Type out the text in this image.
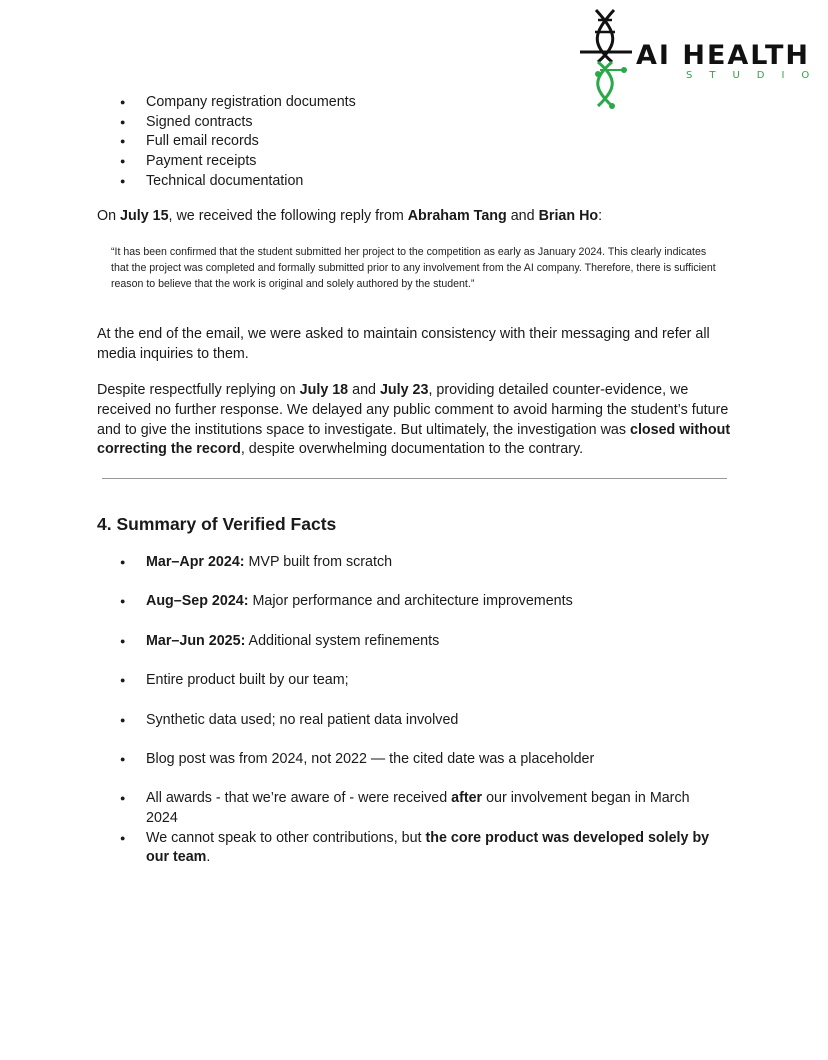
AI HEALTH
STUDIO
● Company registration documents
● Signed contracts
● Full email records
● Payment receipts
● Technical documentation

On July 15, we received the following reply from Abraham Tang and Brian Ho:

“It has been confirmed that the student submitted her project to the competition as early as January 2024. This clearly indicates that the project was completed and formally submitted prior to any involvement from the AI company. Therefore, there is sufficient reason to believe that the work is original and solely authored by the student.”

At the end of the email, we were asked to maintain consistency with their messaging and refer all media inquiries to them.

Despite respectfully replying on July 18 and July 23, providing detailed counter-evidence, we received no further response. We delayed any public comment to avoid harming the student’s future and to give the institutions space to investigate. But ultimately, the investigation was closed without correcting the record, despite overwhelming documentation to the contrary.

4. Summary of Verified Facts
● Mar–Apr 2024: MVP built from scratch
● Aug–Sep 2024: Major performance and architecture improvements
● Mar–Jun 2025: Additional system refinements
● Entire product built by our team;
● Synthetic data used; no real patient data involved
● Blog post was from 2024, not 2022 — the cited date was a placeholder
● All awards - that we’re aware of - were received after our involvement began in March 2024
● We cannot speak to other contributions, but the core product was developed solely by our team.
